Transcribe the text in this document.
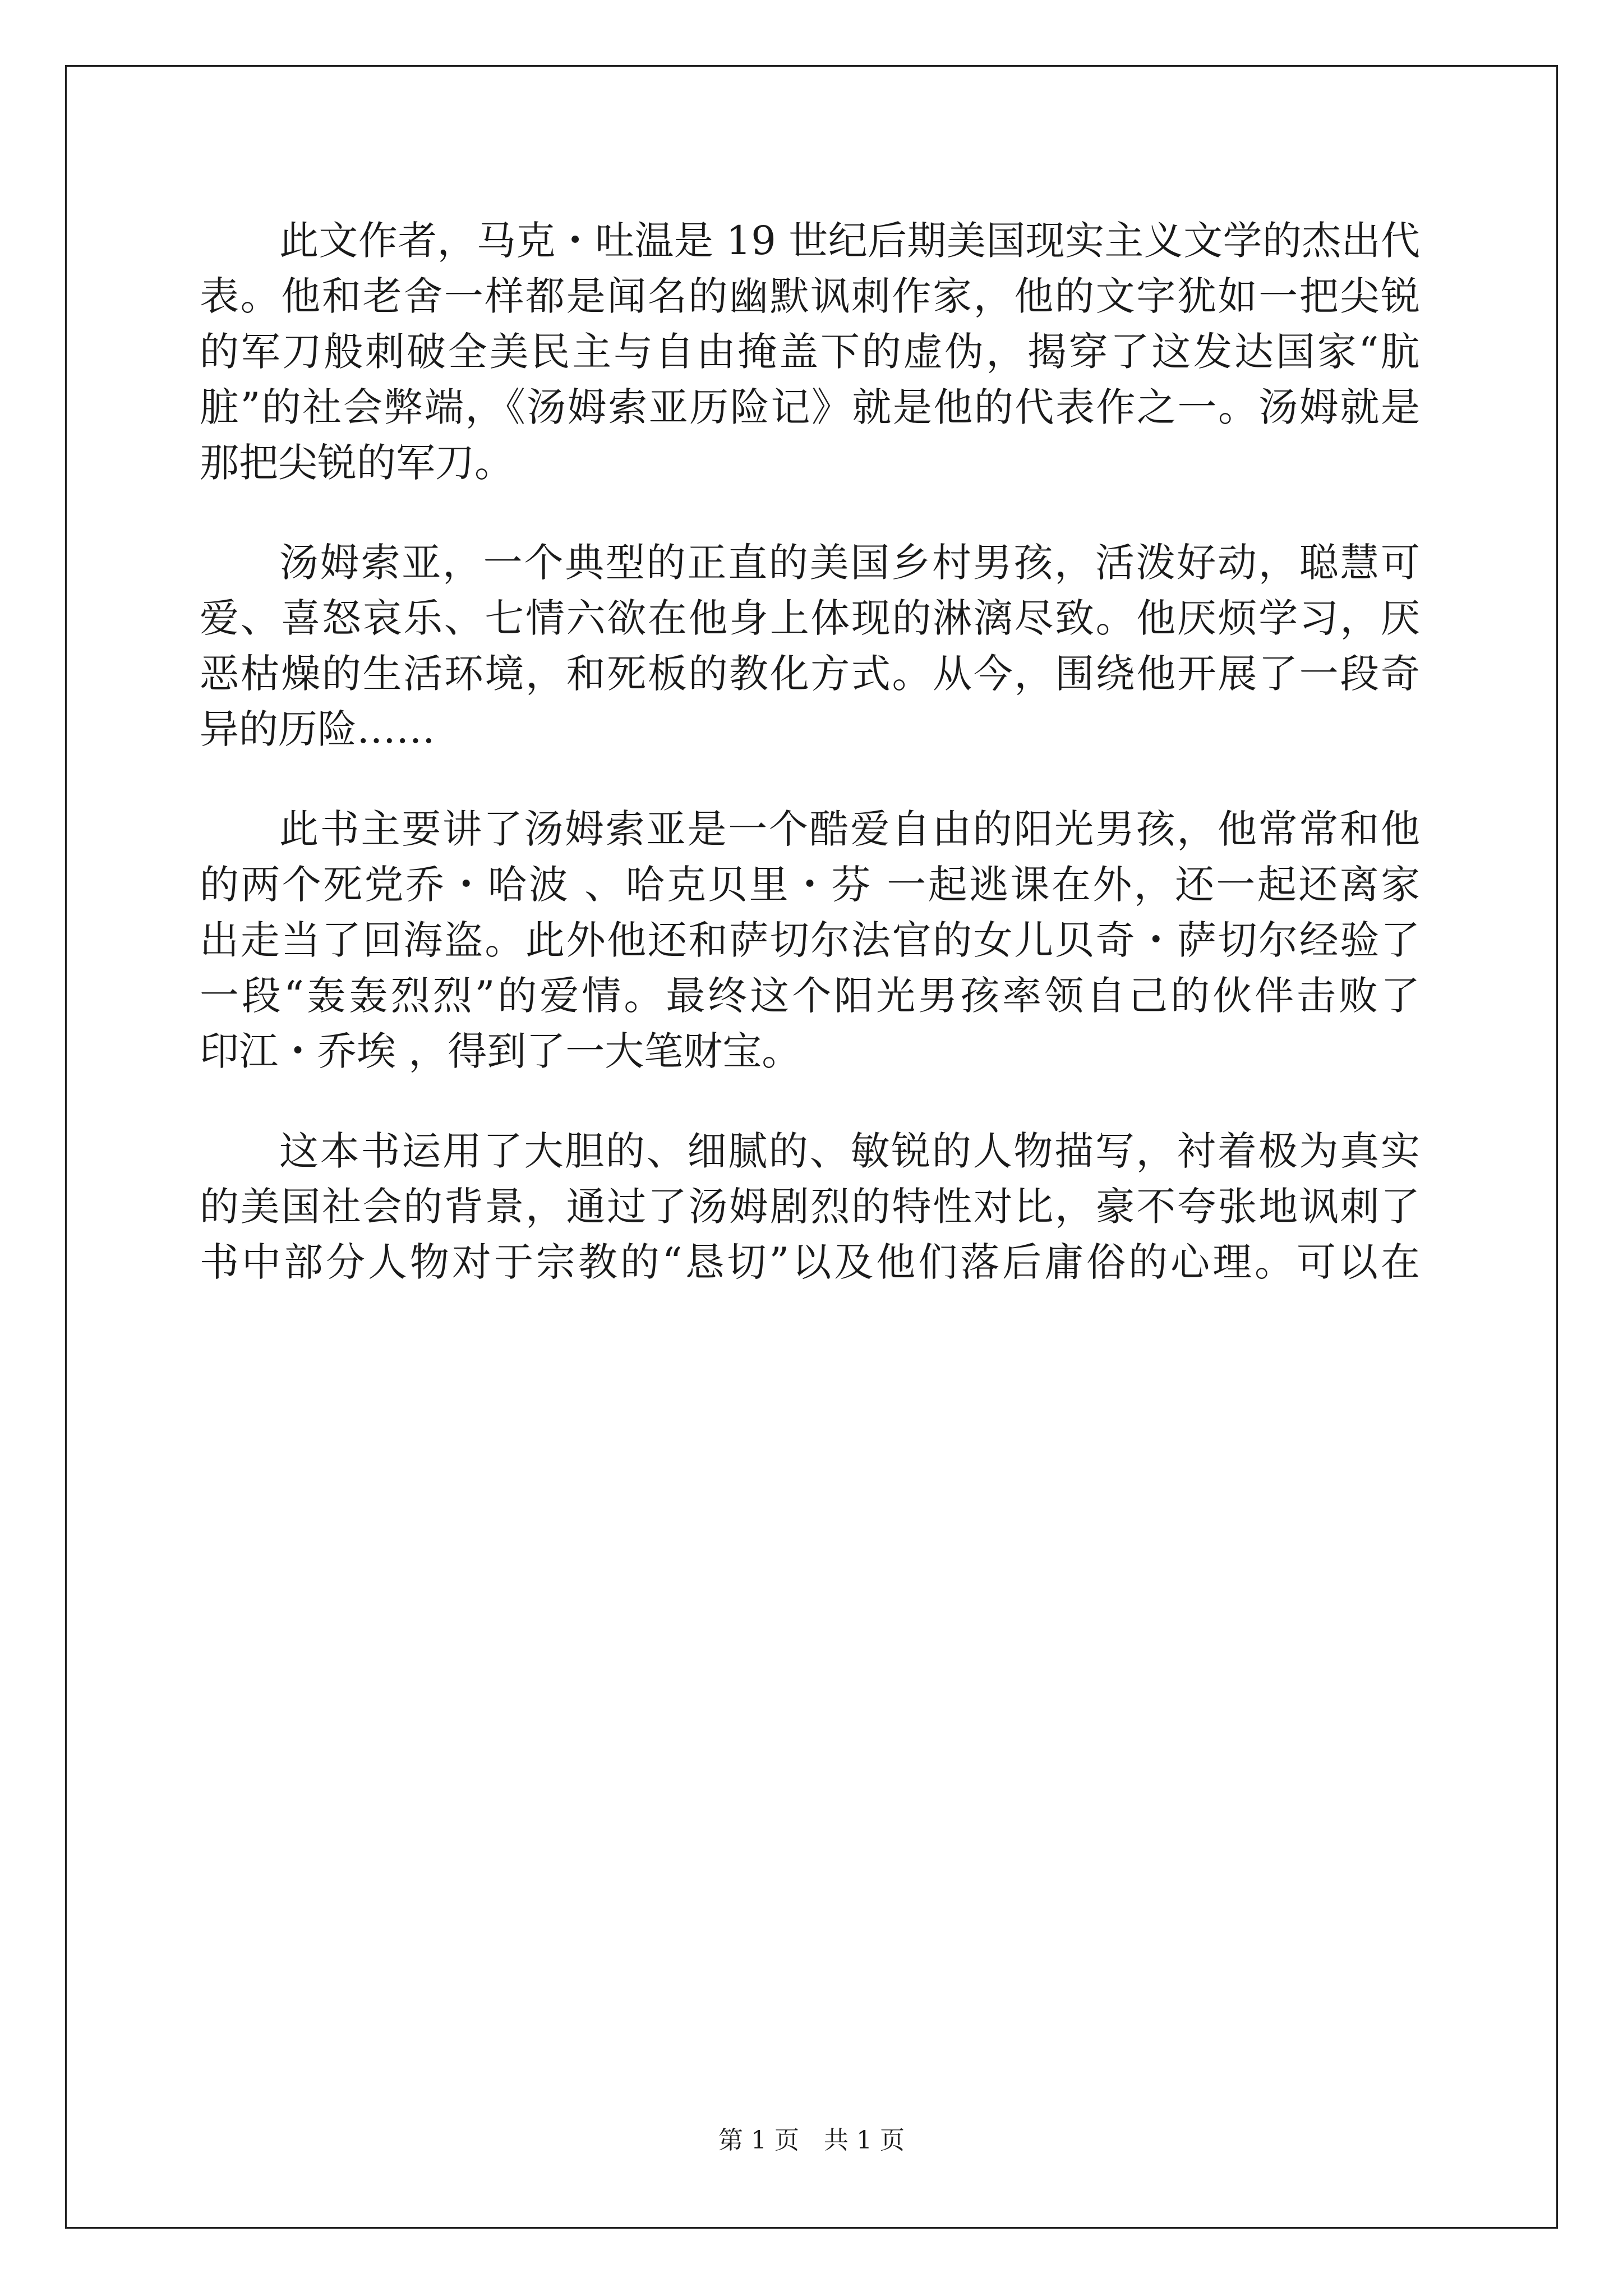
此文作者，马克・吐温是 19 世纪后期美国现实主义文学的杰出代
表。他和老舍一样都是闻名的幽默讽刺作家，他的文字犹如一把尖锐
的军刀般刺破全美民主与自由掩盖下的虚伪，揭穿了这发达国家“肮
脏”的社会弊端，《汤姆索亚历险记》就是他的代表作之一。汤姆就是
那把尖锐的军刀。
汤姆索亚，一个典型的正直的美国乡村男孩，活泼好动，聪慧可
爱、喜怒哀乐、七情六欲在他身上体现的淋漓尽致。他厌烦学习，厌
恶枯燥的生活环境，和死板的教化方式。从今，围绕他开展了一段奇
异的历险……
此书主要讲了汤姆索亚是一个酷爱自由的阳光男孩，他常常和他
的两个死党乔・哈波 、哈克贝里・芬 一起逃课在外，还一起还离家
出走当了回海盗。此外他还和萨切尔法官的女儿贝奇・萨切尔经验了
一段“轰轰烈烈”的爱情。最终这个阳光男孩率领自己的伙伴击败了
印江・乔埃 ，得到了一大笔财宝。
这本书运用了大胆的、细腻的、敏锐的人物描写，衬着极为真实
的美国社会的背景，通过了汤姆剧烈的特性对比，豪不夸张地讽刺了
书中部分人物对于宗教的“恳切”以及他们落后庸俗的心理。可以在
第 1 页　共 1 页
